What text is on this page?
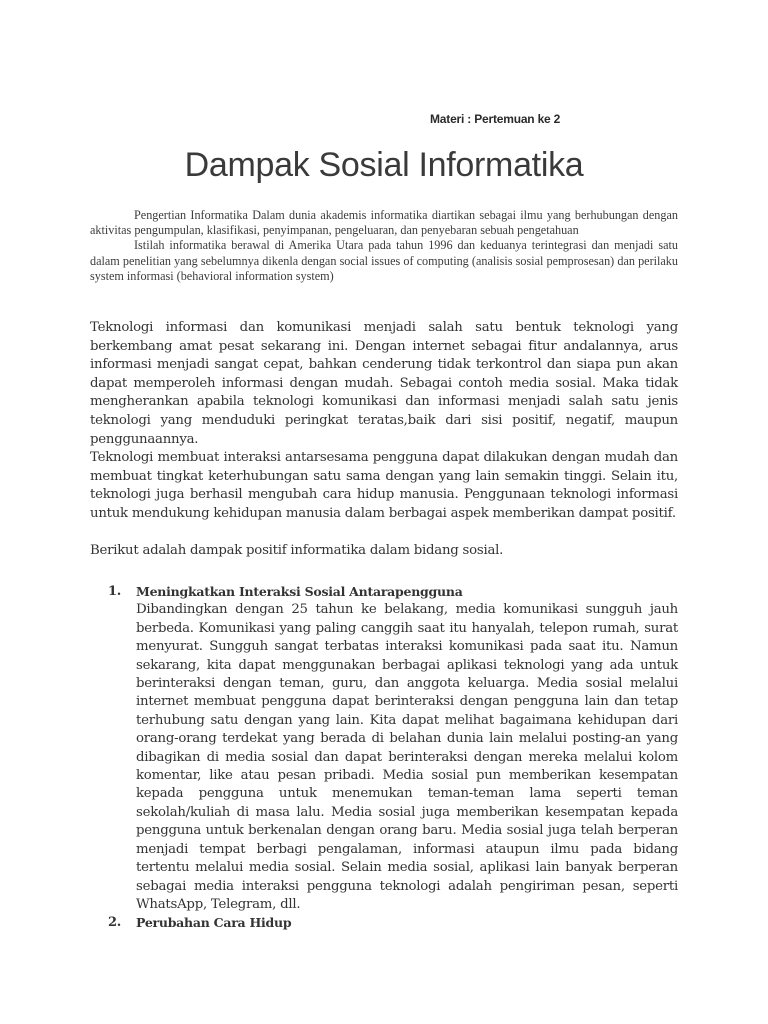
Materi : Pertemuan ke 2
Dampak Sosial Informatika

Pengertian Informatika Dalam dunia akademis informatika diartikan sebagai ilmu yang berhubungan dengan aktivitas pengumpulan, klasifikasi, penyimpanan, pengeluaran, dan penyebaran sebuah pengetahuan

Istilah informatika berawal di Amerika Utara pada tahun 1996 dan keduanya terintegrasi dan menjadi satu dalam penelitian yang sebelumnya dikenla dengan social issues of computing (analisis sosial pemprosesan) dan perilaku system informasi (behavioral information system)

Teknologi informasi dan komunikasi menjadi salah satu bentuk teknologi yang berkembang amat pesat sekarang ini. Dengan internet sebagai fitur andalannya, arus informasi menjadi sangat cepat, bahkan cenderung tidak terkontrol dan siapa pun akan dapat memperoleh informasi dengan mudah. Sebagai contoh media sosial. Maka tidak mengherankan apabila teknologi komunikasi dan informasi menjadi salah satu jenis teknologi yang menduduki peringkat teratas,baik dari sisi positif, negatif, maupun penggunaannya.

Teknologi membuat interaksi antarsesama pengguna dapat dilakukan dengan mudah dan membuat tingkat keterhubungan satu sama dengan yang lain semakin tinggi. Selain itu, teknologi juga berhasil mengubah cara hidup manusia. Penggunaan teknologi informasi untuk mendukung kehidupan manusia dalam berbagai aspek memberikan dampat positif.

Berikut adalah dampak positif informatika dalam bidang sosial.

1. Meningkatkan Interaksi Sosial Antarapengguna
Dibandingkan dengan 25 tahun ke belakang, media komunikasi sungguh jauh berbeda. Komunikasi yang paling canggih saat itu hanyalah, telepon rumah, surat menyurat. Sungguh sangat terbatas interaksi komunikasi pada saat itu. Namun sekarang, kita dapat menggunakan berbagai aplikasi teknologi yang ada untuk berinteraksi dengan teman, guru, dan anggota keluarga. Media sosial melalui internet membuat pengguna dapat berinteraksi dengan pengguna lain dan tetap terhubung satu dengan yang lain. Kita dapat melihat bagaimana kehidupan dari orang-orang terdekat yang berada di belahan dunia lain melalui posting-an yang dibagikan di media sosial dan dapat berinteraksi dengan mereka melalui kolom komentar, like atau pesan pribadi. Media sosial pun memberikan kesempatan kepada pengguna untuk menemukan teman-teman lama seperti teman sekolah/kuliah di masa lalu. Media sosial juga memberikan kesempatan kepada pengguna untuk berkenalan dengan orang baru. Media sosial juga telah berperan menjadi tempat berbagi pengalaman, informasi ataupun ilmu pada bidang tertentu melalui media sosial. Selain media sosial, aplikasi lain banyak berperan sebagai media interaksi pengguna teknologi adalah pengiriman pesan, seperti WhatsApp, Telegram, dll.
2. Perubahan Cara Hidup
